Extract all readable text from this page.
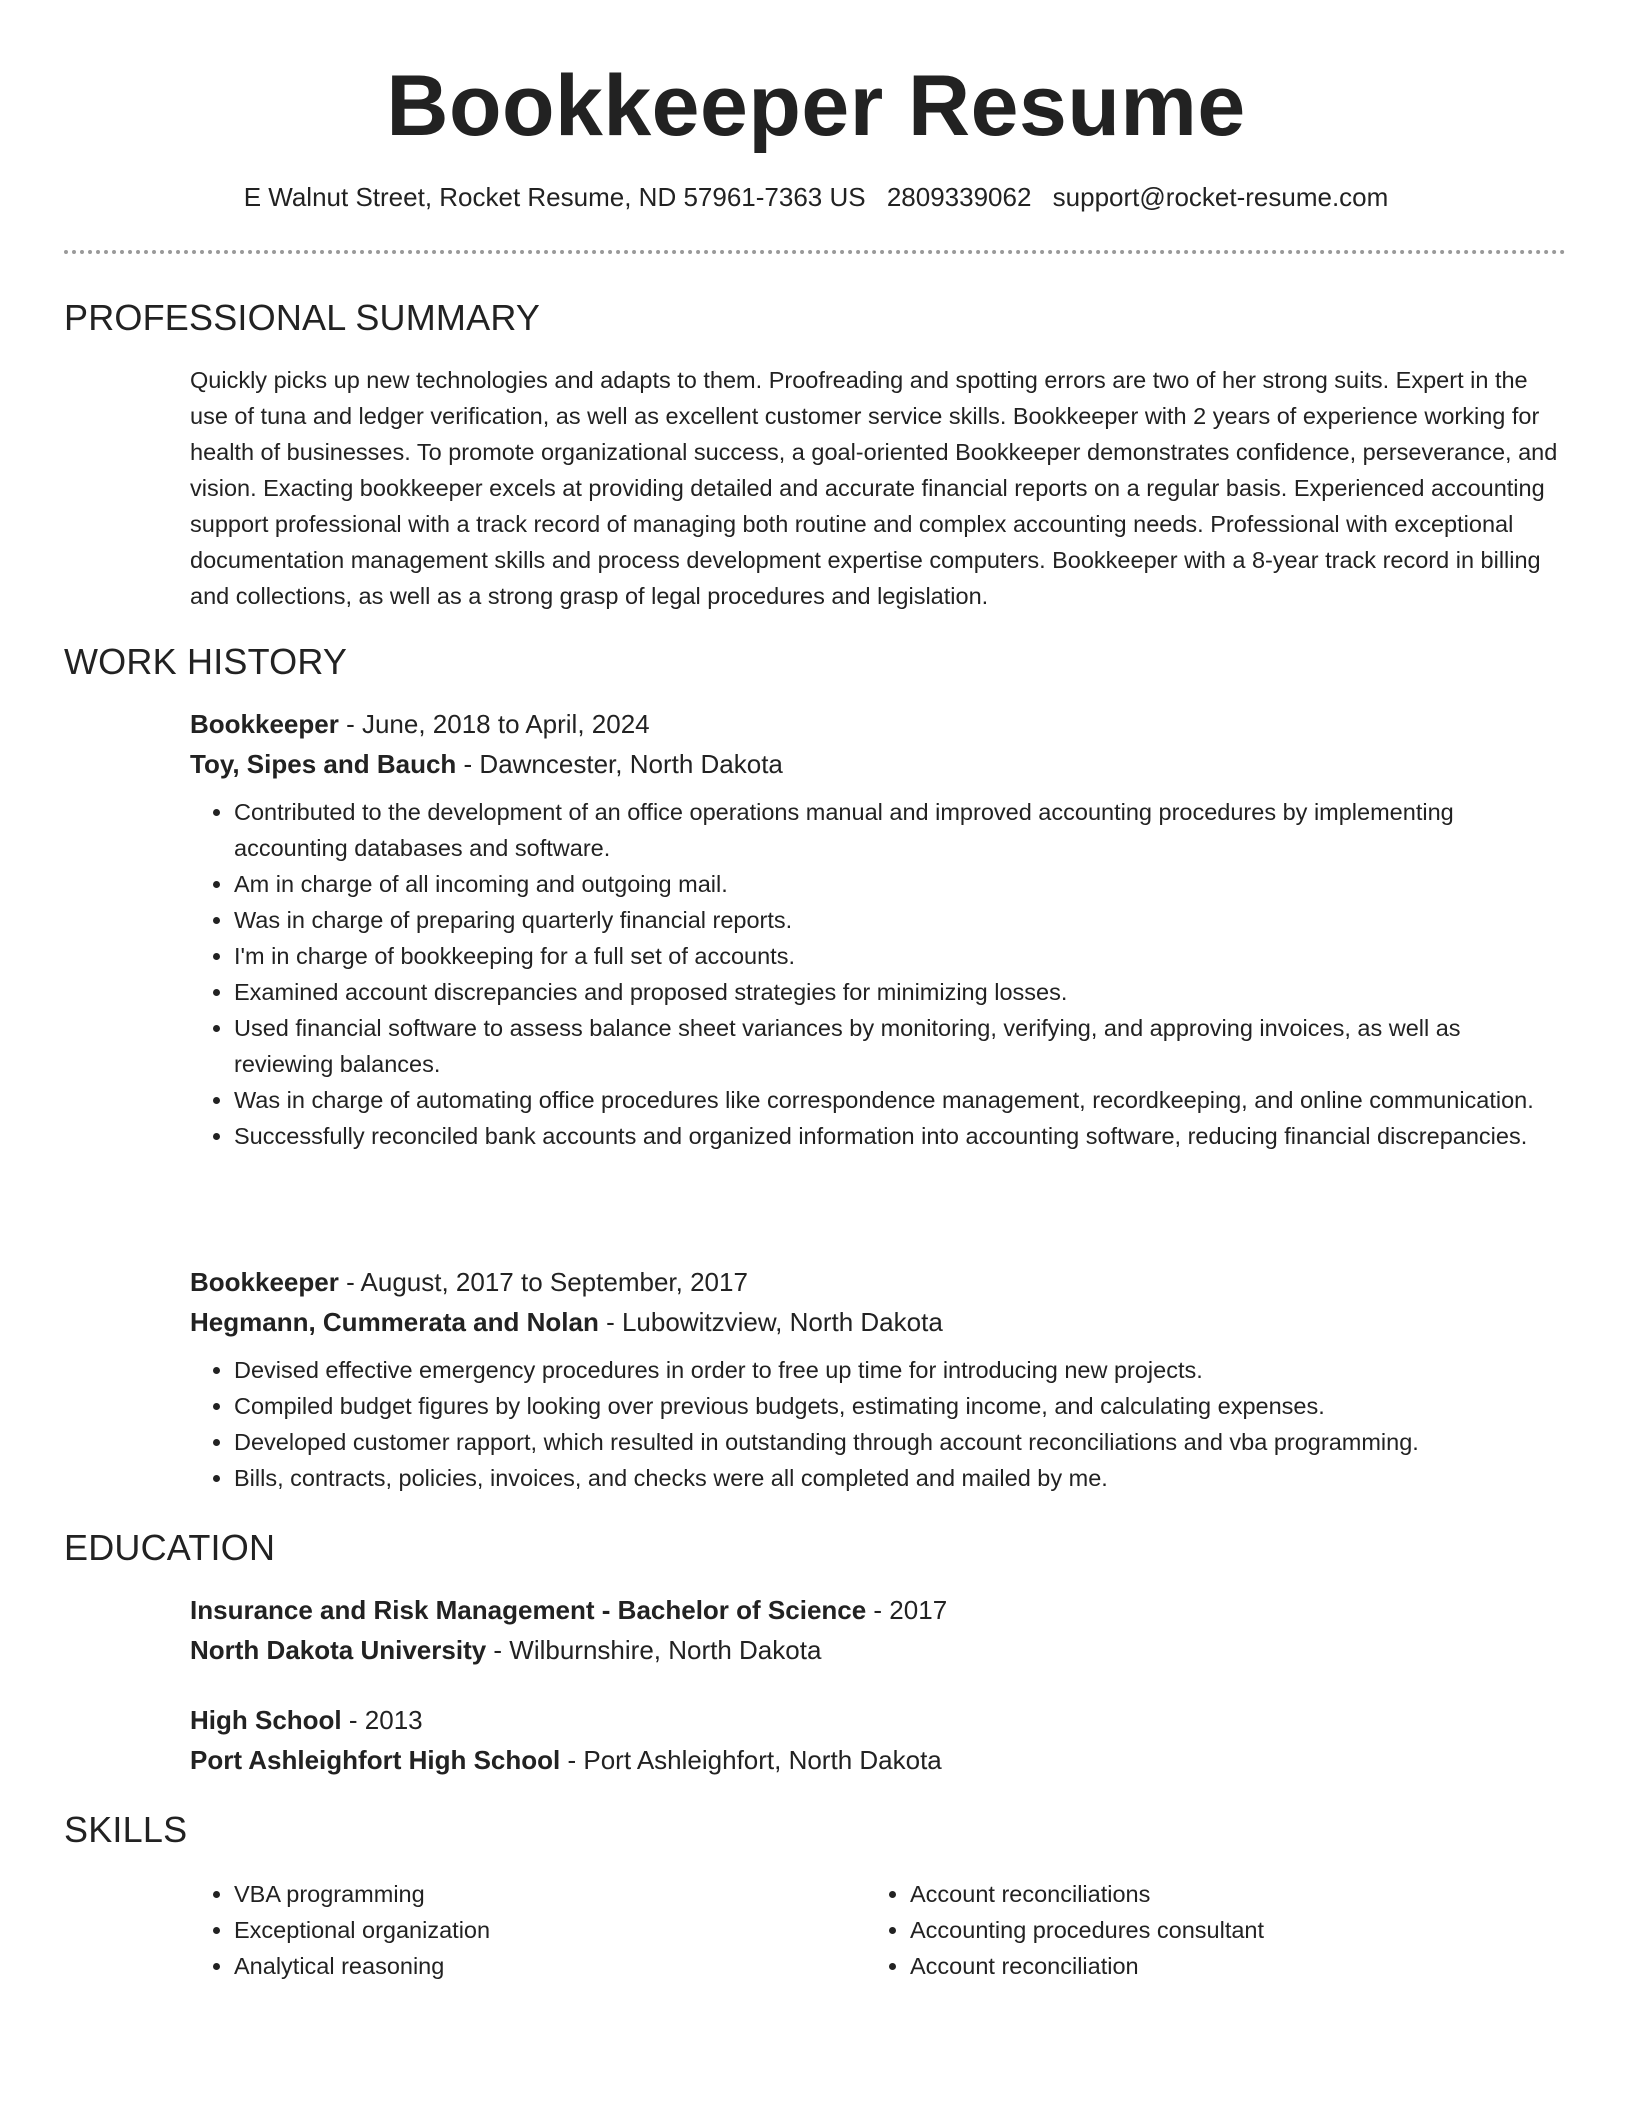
Bookkeeper Resume
E Walnut Street, Rocket Resume, ND 57961-7363 US 2809339062 support@rocket-resume.com
PROFESSIONAL SUMMARY

Quickly picks up new technologies and adapts to them. Proofreading and spotting errors are two of her strong suits. Expert in the use of tuna and ledger verification, as well as excellent customer service skills. Bookkeeper with 2 years of experience working for health of businesses. To promote organizational success, a goal-oriented Bookkeeper demonstrates confidence, perseverance, and vision. Exacting bookkeeper excels at providing detailed and accurate financial reports on a regular basis. Experienced accounting support professional with a track record of managing both routine and complex accounting needs. Professional with exceptional documentation management skills and process development expertise computers. Bookkeeper with a 8-year track record in billing and collections, as well as a strong grasp of legal procedures and legislation.

WORK HISTORY

Bookkeeper - June, 2018 to April, 2024

Toy, Sipes and Bauch - Dawncester, North Dakota

• Contributed to the development of an office operations manual and improved accounting procedures by implementing accounting databases and software.
• Am in charge of all incoming and outgoing mail.
• Was in charge of preparing quarterly financial reports.
• I'm in charge of bookkeeping for a full set of accounts.
• Examined account discrepancies and proposed strategies for minimizing losses.
• Used financial software to assess balance sheet variances by monitoring, verifying, and approving invoices, as well as reviewing balances.
• Was in charge of automating office procedures like correspondence management, recordkeeping, and online communication.
• Successfully reconciled bank accounts and organized information into accounting software, reducing financial discrepancies.

Bookkeeper - August, 2017 to September, 2017

Hegmann, Cummerata and Nolan - Lubowitzview, North Dakota

• Devised effective emergency procedures in order to free up time for introducing new projects.
• Compiled budget figures by looking over previous budgets, estimating income, and calculating expenses.
• Developed customer rapport, which resulted in outstanding through account reconciliations and vba programming.
• Bills, contracts, policies, invoices, and checks were all completed and mailed by me.
EDUCATION

Insurance and Risk Management - Bachelor of Science - 2017

North Dakota University - Wilburnshire, North Dakota

High School - 2013

Port Ashleighfort High School - Port Ashleighfort, North Dakota

SKILLS
• VBA programming
• Exceptional organization
• Analytical reasoning
• Account reconciliations
• Accounting procedures consultant
• Account reconciliation
